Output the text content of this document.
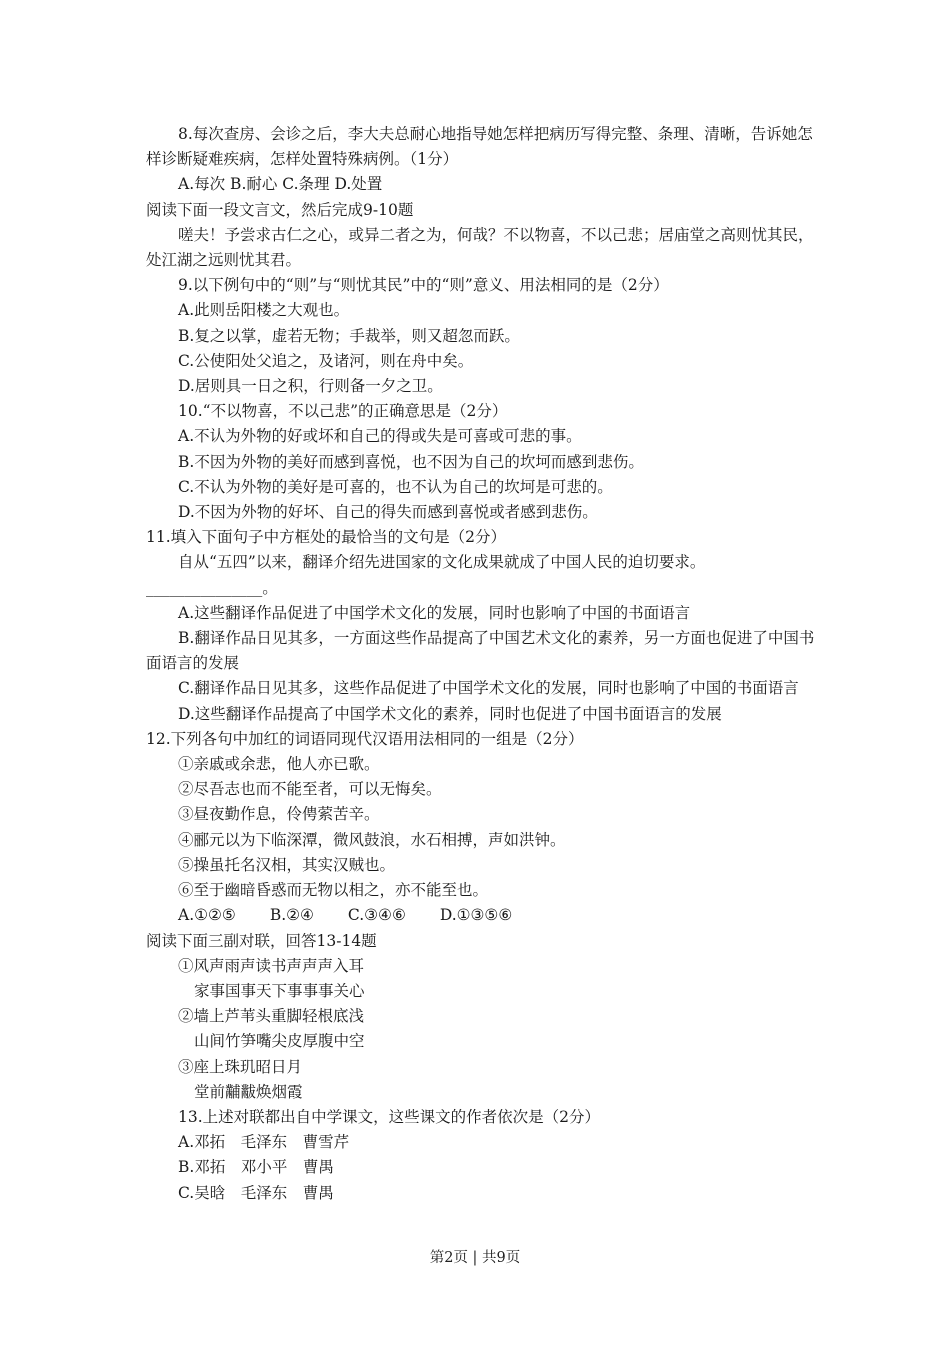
8.每次查房、会诊之后，李大夫总耐心地指导她怎样把病历写得完整、条理、清晰，告诉她怎样诊断疑难疾病，怎样处置特殊病例。（1分）
A.每次 B.耐心 C.条理 D.处置
阅读下面一段文言文，然后完成9-10题
嗟夫！予尝求古仁之心，或异二者之为，何哉？不以物喜，不以己悲；居庙堂之高则忧其民，处江湖之远则忧其君。
9.以下例句中的“则”与“则忧其民”中的“则”意义、用法相同的是（2分）
A.此则岳阳楼之大观也。
B.复之以掌，虚若无物；手裁举，则又超忽而跃。
C.公使阳处父追之，及诸河，则在舟中矣。
D.居则具一日之积，行则备一夕之卫。
10.“不以物喜，不以己悲”的正确意思是（2分）
A.不认为外物的好或坏和自己的得或失是可喜或可悲的事。
B.不因为外物的美好而感到喜悦，也不因为自己的坎坷而感到悲伤。
C.不认为外物的美好是可喜的，也不认为自己的坎坷是可悲的。
D.不因为外物的好坏、自己的得失而感到喜悦或者感到悲伤。
11.填入下面句子中方框处的最恰当的文句是（2分）
自从“五四”以来，翻译介绍先进国家的文化成果就成了中国人民的迫切要求。_______________。
A.这些翻译作品促进了中国学术文化的发展，同时也影响了中国的书面语言
B.翻译作品日见其多，一方面这些作品提高了中国艺术文化的素养，另一方面也促进了中国书面语言的发展
C.翻译作品日见其多，这些作品促进了中国学术文化的发展，同时也影响了中国的书面语言
D.这些翻译作品提高了中国学术文化的素养，同时也促进了中国书面语言的发展
12.下列各句中加红的词语同现代汉语用法相同的一组是（2分）
①亲戚或余悲，他人亦已歌。
②尽吾志也而不能至者，可以无悔矣。
③昼夜勤作息，伶俜萦苦辛。
④郦元以为下临深潭，微风鼓浪，水石相搏，声如洪钟。
⑤操虽托名汉相，其实汉贼也。
⑥至于幽暗昏惑而无物以相之，亦不能至也。
A.①②⑤ B.②④ C.③④⑥ D.①③⑤⑥
阅读下面三副对联，回答13-14题
①风声雨声读书声声声入耳
家事国事天下事事事关心
②墙上芦苇头重脚轻根底浅
山间竹笋嘴尖皮厚腹中空
③座上珠玑昭日月
堂前黼黻焕烟霞
13.上述对联都出自中学课文，这些课文的作者依次是（2分）
A.邓拓　毛泽东　曹雪芹
B.邓拓　邓小平　曹禺
C.吴晗　毛泽东　曹禺
第2页 | 共9页
